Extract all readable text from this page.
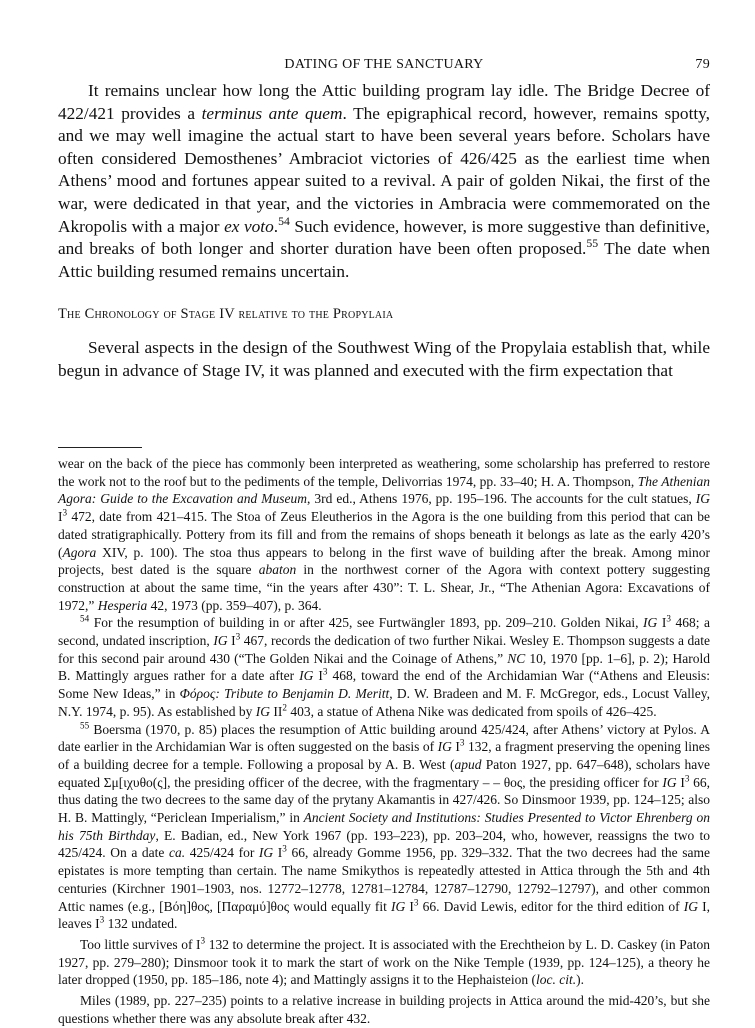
DATING OF THE SANCTUARY	79

It remains unclear how long the Attic building program lay idle. The Bridge Decree of 422/421 provides a terminus ante quem. The epigraphical record, however, remains spotty, and we may well imagine the actual start to have been several years before. Scholars have often considered Demosthenes’ Ambraciot victories of 426/425 as the earliest time when Athens’ mood and fortunes appear suited to a revival. A pair of golden Nikai, the first of the war, were dedicated in that year, and the victories in Ambracia were commemorated on the Akropolis with a major ex voto.$^{54}$ Such evidence, however, is more suggestive than definitive, and breaks of both longer and shorter duration have been often proposed.$^{55}$ The date when Attic building resumed remains uncertain.

The Chronology of Stage IV relative to the Propylaia

Several aspects in the design of the Southwest Wing of the Propylaia establish that, while begun in advance of Stage IV, it was planned and executed with the firm expectation that

wear on the back of the piece has commonly been interpreted as weathering, some scholarship has preferred to restore the work not to the roof but to the pediments of the temple, Delivorrias 1974, pp. 33–40; H. A. Thompson, The Athenian Agora: Guide to the Excavation and Museum, 3rd ed., Athens 1976, pp. 195–196. The accounts for the cult statues, IG $I^3$ 472, date from 421–415. The Stoa of Zeus Eleutherios in the Agora is the one building from this period that can be dated stratigraphically. Pottery from its fill and from the remains of shops beneath it belongs as late as the early 420’s (Agora XIV, p. 100). The stoa thus appears to belong in the first wave of building after the break. Among minor projects, best dated is the square abaton in the northwest corner of the Agora with context pottery suggesting construction at about the same time, “in the years after 430”: T. L. Shear, Jr., “The Athenian Agora: Excavations of 1972,” Hesperia 42, 1973 (pp. 359–407), p. 364.

$^{54}$ For the resumption of building in or after 425, see Furtwängler 1893, pp. 209–210. Golden Nikai, IG $I^3$ 468; a second, undated inscription, IG $I^3$ 467, records the dedication of two further Nikai. Wesley E. Thompson suggests a date for this second pair around 430 (“The Golden Nikai and the Coinage of Athens,” NC 10, 1970 [pp. 1–6], p. 2); Harold B. Mattingly argues rather for a date after IG $I^3$ 468, toward the end of the Archidamian War (“Athens and Eleusis: Some New Ideas,” in Φόρος: Tribute to Benjamin D. Meritt, D. W. Bradeen and M. F. McGregor, eds., Locust Valley, N.Y. 1974, p. 95). As established by IG $II^2$ 403, a statue of Athena Nike was dedicated from spoils of 426–425.

$^{55}$ Boersma (1970, p. 85) places the resumption of Attic building around 425/424, after Athens’ victory at Pylos. A date earlier in the Archidamian War is often suggested on the basis of IG $I^3$ 132, a fragment preserving the opening lines of a building decree for a temple. Following a proposal by A. B. West (apud Paton 1927, pp. 647–648), scholars have equated Σμ[ιχυθο(ς], the presiding officer of the decree, with the fragmentary – – θος, the presiding officer for IG $I^3$ 66, thus dating the two decrees to the same day of the prytany Akamantis in 427/426. So Dinsmoor 1939, pp. 124–125; also H. B. Mattingly, “Periclean Imperialism,” in Ancient Society and Institutions: Studies Presented to Victor Ehrenberg on his 75th Birthday, E. Badian, ed., New York 1967 (pp. 193–223), pp. 203–204, who, however, reassigns the two to 425/424. On a date ca. 425/424 for IG $I^3$ 66, already Gomme 1956, pp. 329–332. That the two decrees had the same epistates is more tempting than certain. The name Smikythos is repeatedly attested in Attica through the 5th and 4th centuries (Kirchner 1901–1903, nos. 12772–12778, 12781–12784, 12787–12790, 12792–12797), and other common Attic names (e.g., [Βόη]θος, [Παραμύ]θος would equally fit IG $I^3$ 66. David Lewis, editor for the third edition of IG I, leaves $I^3$ 132 undated.

Too little survives of $I^3$ 132 to determine the project. It is associated with the Erechtheion by L. D. Caskey (in Paton 1927, pp. 279–280); Dinsmoor took it to mark the start of work on the Nike Temple (1939, pp. 124–125), a theory he later dropped (1950, pp. 185–186, note 4); and Mattingly assigns it to the Hephaisteion (loc. cit.).

Miles (1989, pp. 227–235) points to a relative increase in building projects in Attica around the mid-420’s, but she questions whether there was any absolute break after 432.
